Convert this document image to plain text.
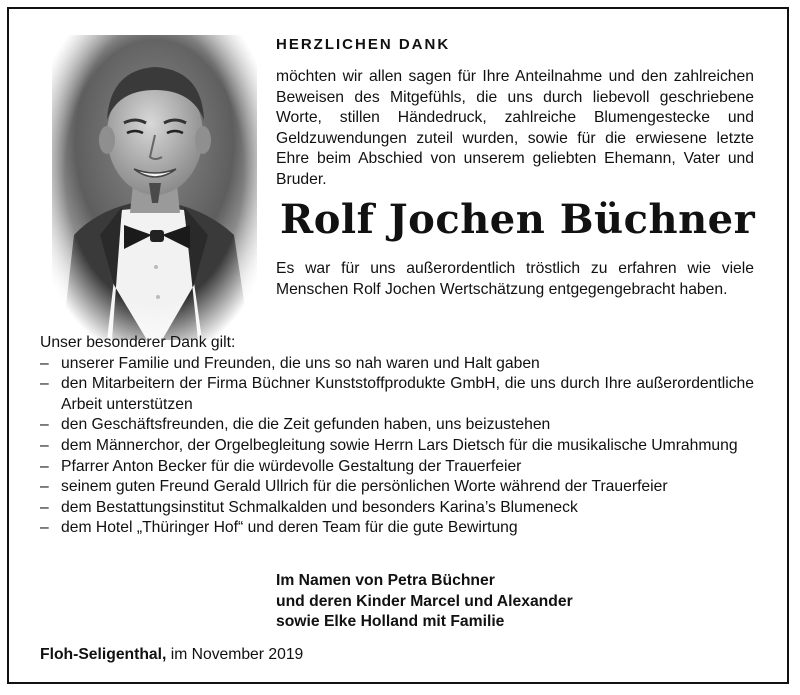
HERZLICHEN DANK

möchten wir allen sagen für Ihre Anteilnahme und den zahlreichen Beweisen des Mitgefühls, die uns durch liebevoll geschriebene Worte, stillen Händedruck, zahlreiche Blumengestecke und Geldzuwendungen zuteil wurden, sowie für die erwiesene letzte Ehre beim Abschied von unserem geliebten Ehemann, Vater und Bruder.

Rolf Jochen Büchner

Es war für uns außerordentlich tröstlich zu erfahren wie viele Menschen Rolf Jochen Wertschätzung entgegengebracht haben.

Unser besonderer Dank gilt:

– unserer Familie und Freunden, die uns so nah waren und Halt gaben
– den Mitarbeitern der Firma Büchner Kunststoffprodukte GmbH, die uns durch Ihre außerordentliche Arbeit unterstützen
– den Geschäftsfreunden, die die Zeit gefunden haben, uns beizustehen
– dem Männerchor, der Orgelbegleitung sowie Herrn Lars Dietsch für die musikalische Umrahmung
– Pfarrer Anton Becker für die würdevolle Gestaltung der Trauerfeier
– seinem guten Freund Gerald Ullrich für die persönlichen Worte während der Trauerfeier
– dem Bestattungsinstitut Schmalkalden und besonders Karina’s Blumeneck
– dem Hotel „Thüringer Hof“ und deren Team für die gute Bewirtung
Im Namen von Petra Büchner
und deren Kinder Marcel und Alexander
sowie Elke Holland mit Familie

Floh-Seligenthal, im November 2019
